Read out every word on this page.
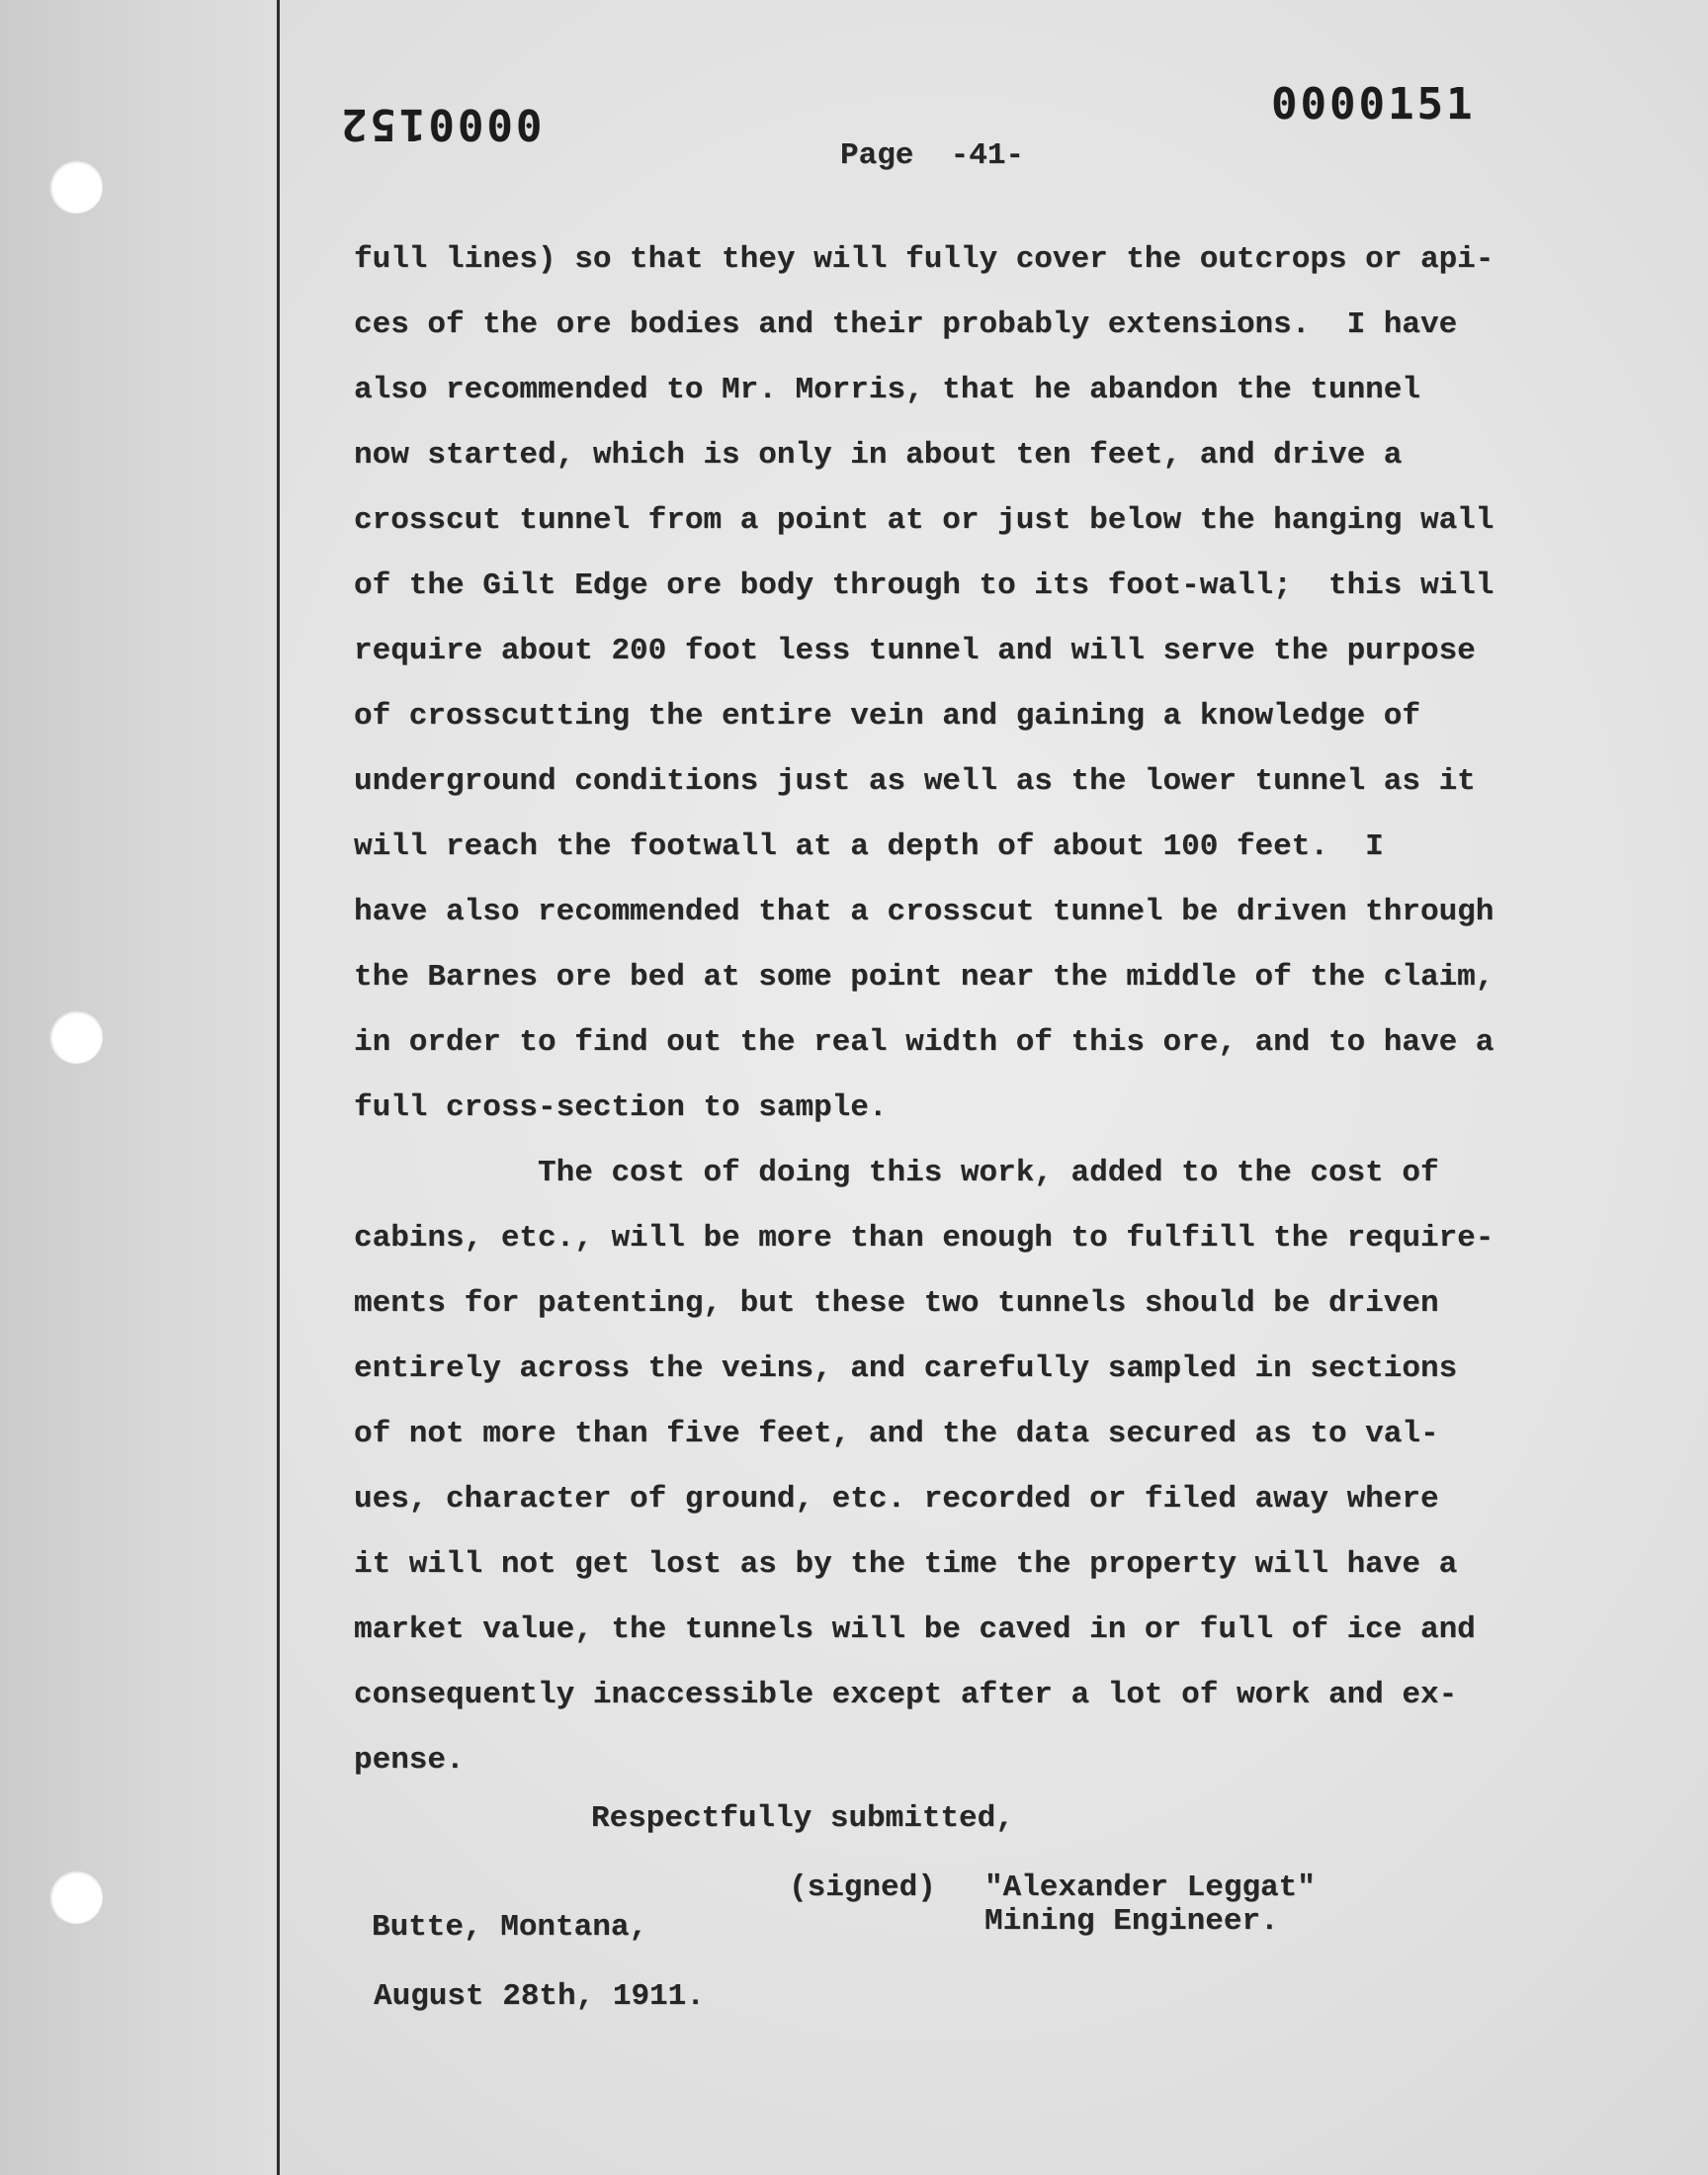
0000152	0000151
Page  -41-
full lines) so that they will fully cover the outcrops or api-
ces of the ore bodies and their probably extensions.  I have
also recommended to Mr. Morris, that he abandon the tunnel
now started, which is only in about ten feet, and drive a
crosscut tunnel from a point at or just below the hanging wall
of the Gilt Edge ore body through to its foot-wall;  this will
require about 200 foot less tunnel and will serve the purpose
of crosscutting the entire vein and gaining a knowledge of
underground conditions just as well as the lower tunnel as it
will reach the footwall at a depth of about 100 feet.  I
have also recommended that a crosscut tunnel be driven through
the Barnes ore bed at some point near the middle of the claim,
in order to find out the real width of this ore, and to have a
full cross-section to sample.
The cost of doing this work, added to the cost of
cabins, etc., will be more than enough to fulfill the require-
ments for patenting, but these two tunnels should be driven
entirely across the veins, and carefully sampled in sections
of not more than five feet, and the data secured as to val-
ues, character of ground, etc. recorded or filed away where
it will not get lost as by the time the property will have a
market value, the tunnels will be caved in or full of ice and
consequently inaccessible except after a lot of work and ex-
pense.
Respectfully submitted,
(signed) "Alexander Leggat"
Mining Engineer.
Butte, Montana,
August 28th, 1911.
